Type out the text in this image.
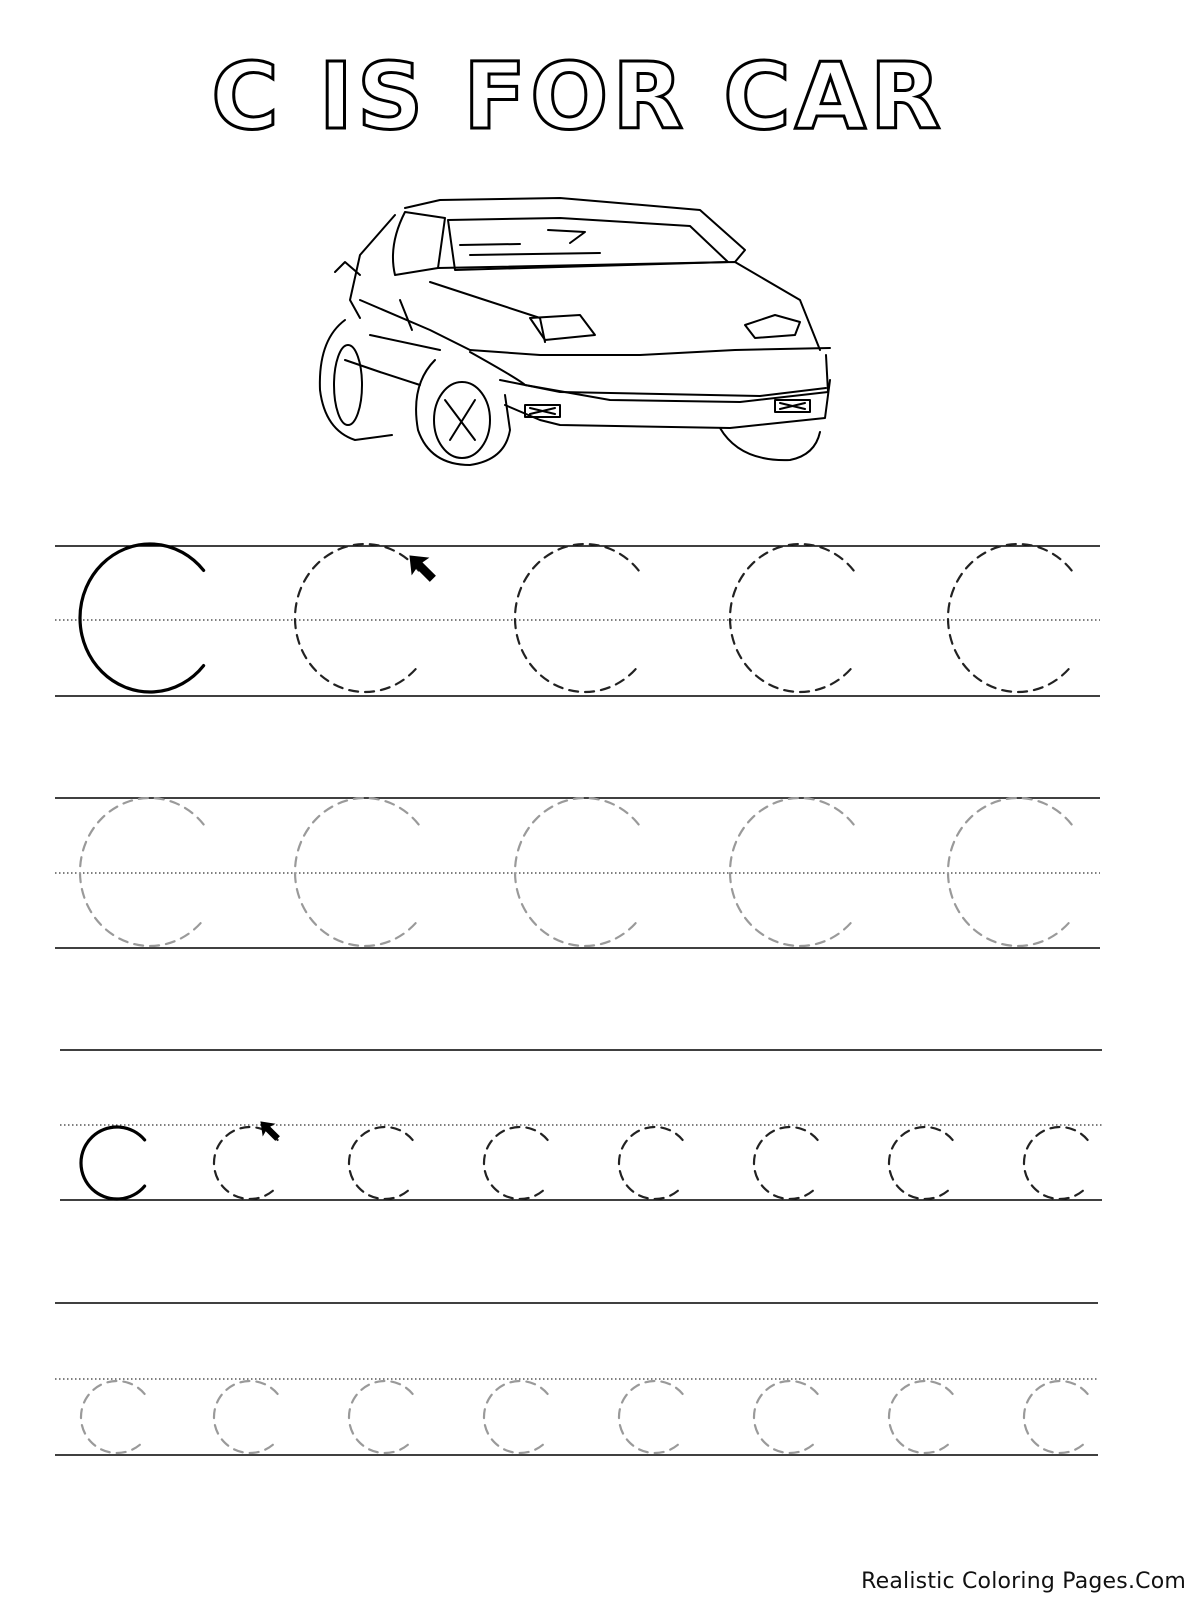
C IS FOR CAR
Realistic Coloring Pages.Com
